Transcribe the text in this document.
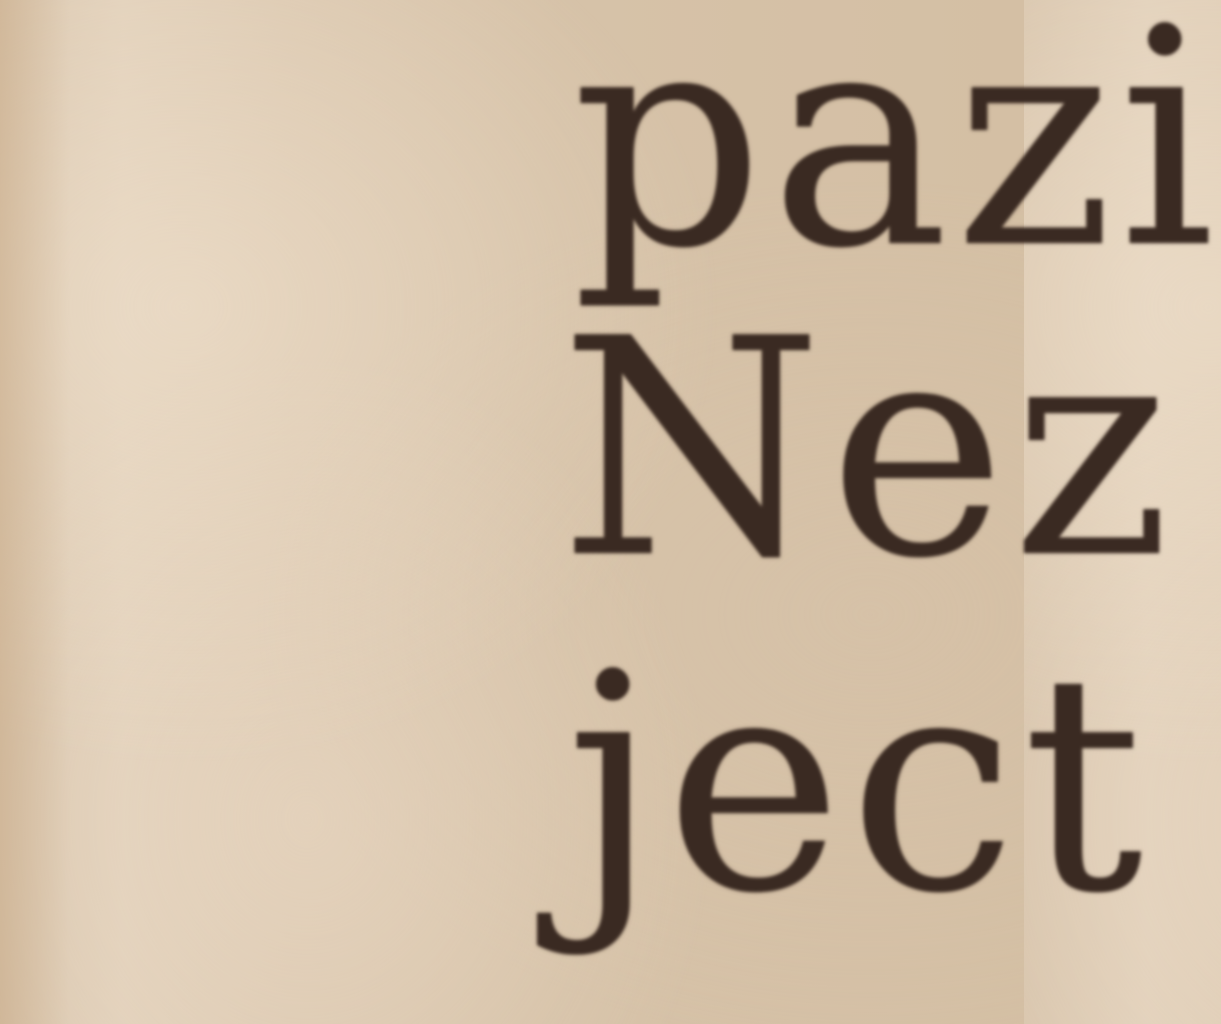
pazi

Nez

ject
